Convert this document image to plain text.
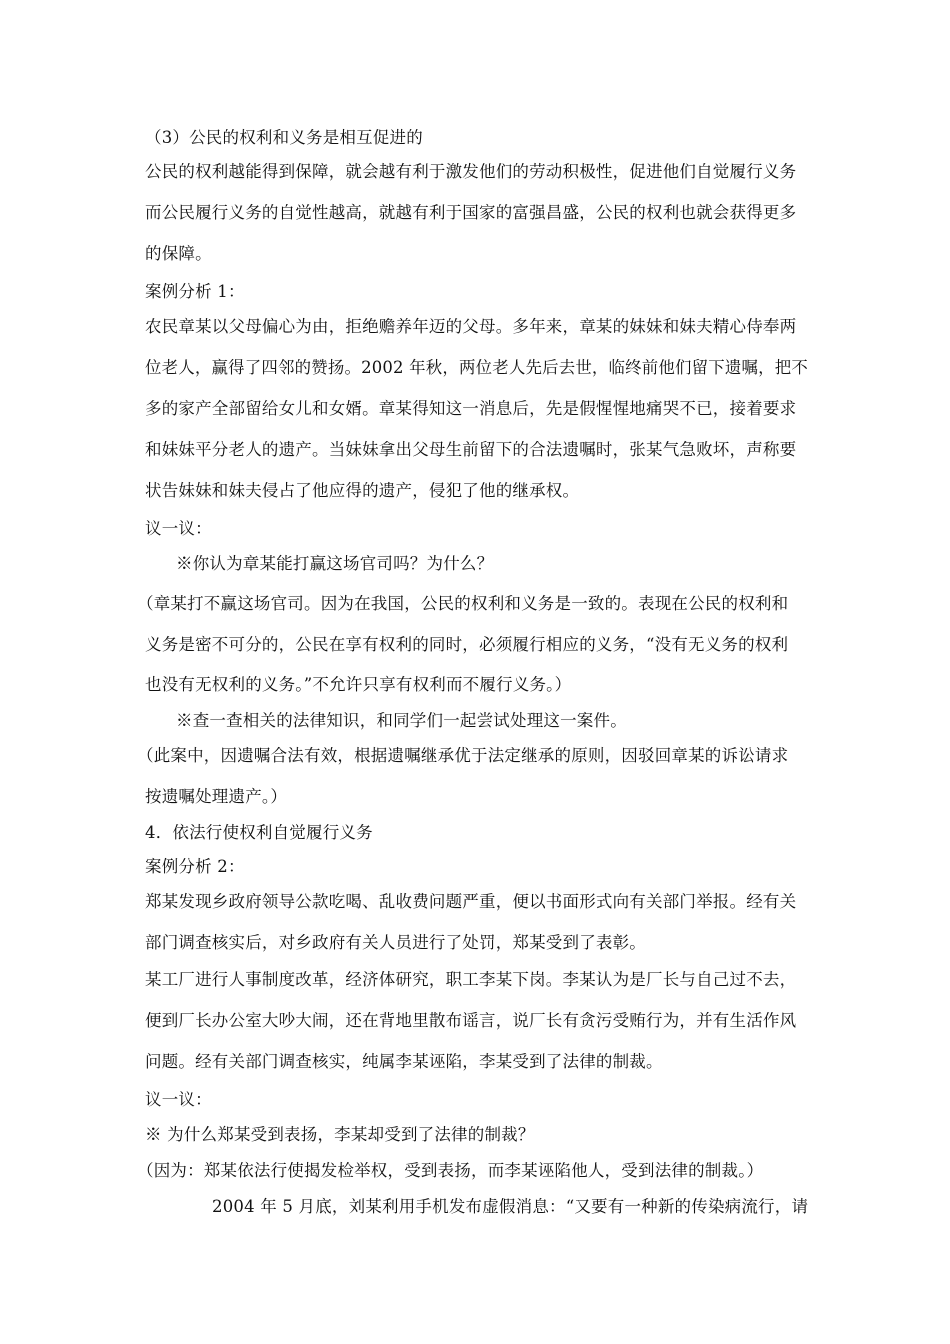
（3）公民的权利和义务是相互促进的
公民的权利越能得到保障，就会越有利于激发他们的劳动积极性，促进他们自觉履行义务
而公民履行义务的自觉性越高，就越有利于国家的富强昌盛，公民的权利也就会获得更多
的保障。
案例分析 1：
农民章某以父母偏心为由，拒绝赡养年迈的父母。多年来，章某的妹妹和妹夫精心侍奉两
位老人，赢得了四邻的赞扬。2002 年秋，两位老人先后去世，临终前他们留下遗嘱，把不
多的家产全部留给女儿和女婿。章某得知这一消息后，先是假惺惺地痛哭不已，接着要求
和妹妹平分老人的遗产。当妹妹拿出父母生前留下的合法遗嘱时，张某气急败坏，声称要
状告妹妹和妹夫侵占了他应得的遗产，侵犯了他的继承权。
议一议：
※你认为章某能打赢这场官司吗？为什么？
（章某打不赢这场官司。因为在我国，公民的权利和义务是一致的。表现在公民的权利和
义务是密不可分的，公民在享有权利的同时，必须履行相应的义务，“没有无义务的权利
也没有无权利的义务。”不允许只享有权利而不履行义务。）
※查一查相关的法律知识，和同学们一起尝试处理这一案件。
（此案中，因遗嘱合法有效，根据遗嘱继承优于法定继承的原则，因驳回章某的诉讼请求
按遗嘱处理遗产。）
4．依法行使权利自觉履行义务
案例分析 2：
郑某发现乡政府领导公款吃喝、乱收费问题严重，便以书面形式向有关部门举报。经有关
部门调查核实后，对乡政府有关人员进行了处罚，郑某受到了表彰。
某工厂进行人事制度改革，经济体研究，职工李某下岗。李某认为是厂长与自己过不去，
便到厂长办公室大吵大闹，还在背地里散布谣言，说厂长有贪污受贿行为，并有生活作风
问题。经有关部门调查核实，纯属李某诬陷，李某受到了法律的制裁。
议一议：
※ 为什么郑某受到表扬，李某却受到了法律的制裁？
（因为：郑某依法行使揭发检举权，受到表扬，而李某诬陷他人，受到法律的制裁。）
2004 年 5 月底，刘某利用手机发布虚假消息：“又要有一种新的传染病流行，请
